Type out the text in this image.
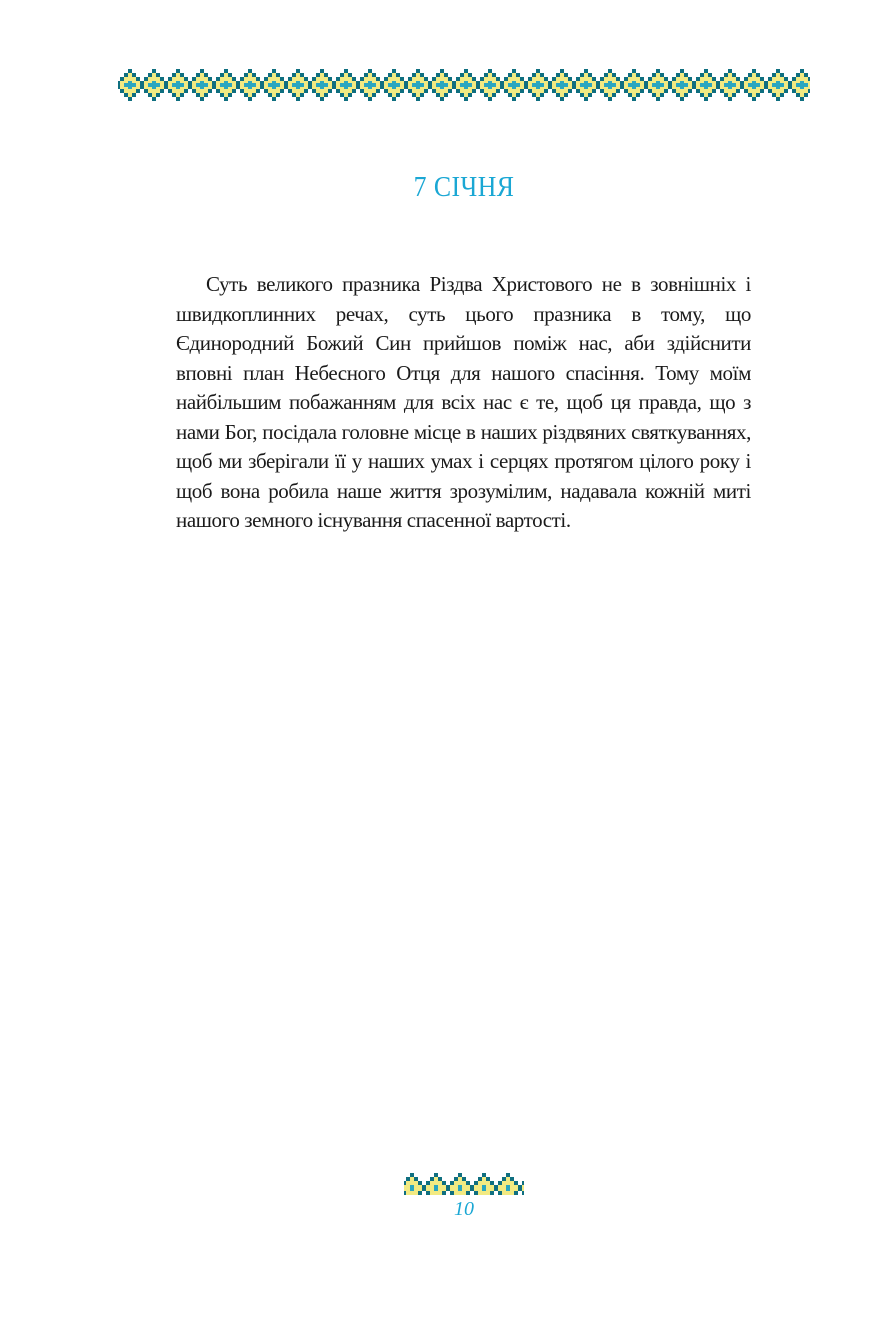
7 СІЧНЯ

Суть великого празника Різдва Христового не в зовнішніх і швидкоплинних речах, суть цього празника в тому, що Єдинородний Божий Син прийшов поміж нас, аби здійснити вповні план Небесного Отця для нашого спасіння. Тому моїм найбільшим побажанням для всіх нас є те, щоб ця правда, що з нами Бог, посідала головне місце в наших різдвяних святкуваннях, щоб ми зберігали її у наших умах і серцях протягом цілого року і щоб вона робила наше життя зрозумілим, надавала кожній миті нашого земного існування спасенної вартості.

10
